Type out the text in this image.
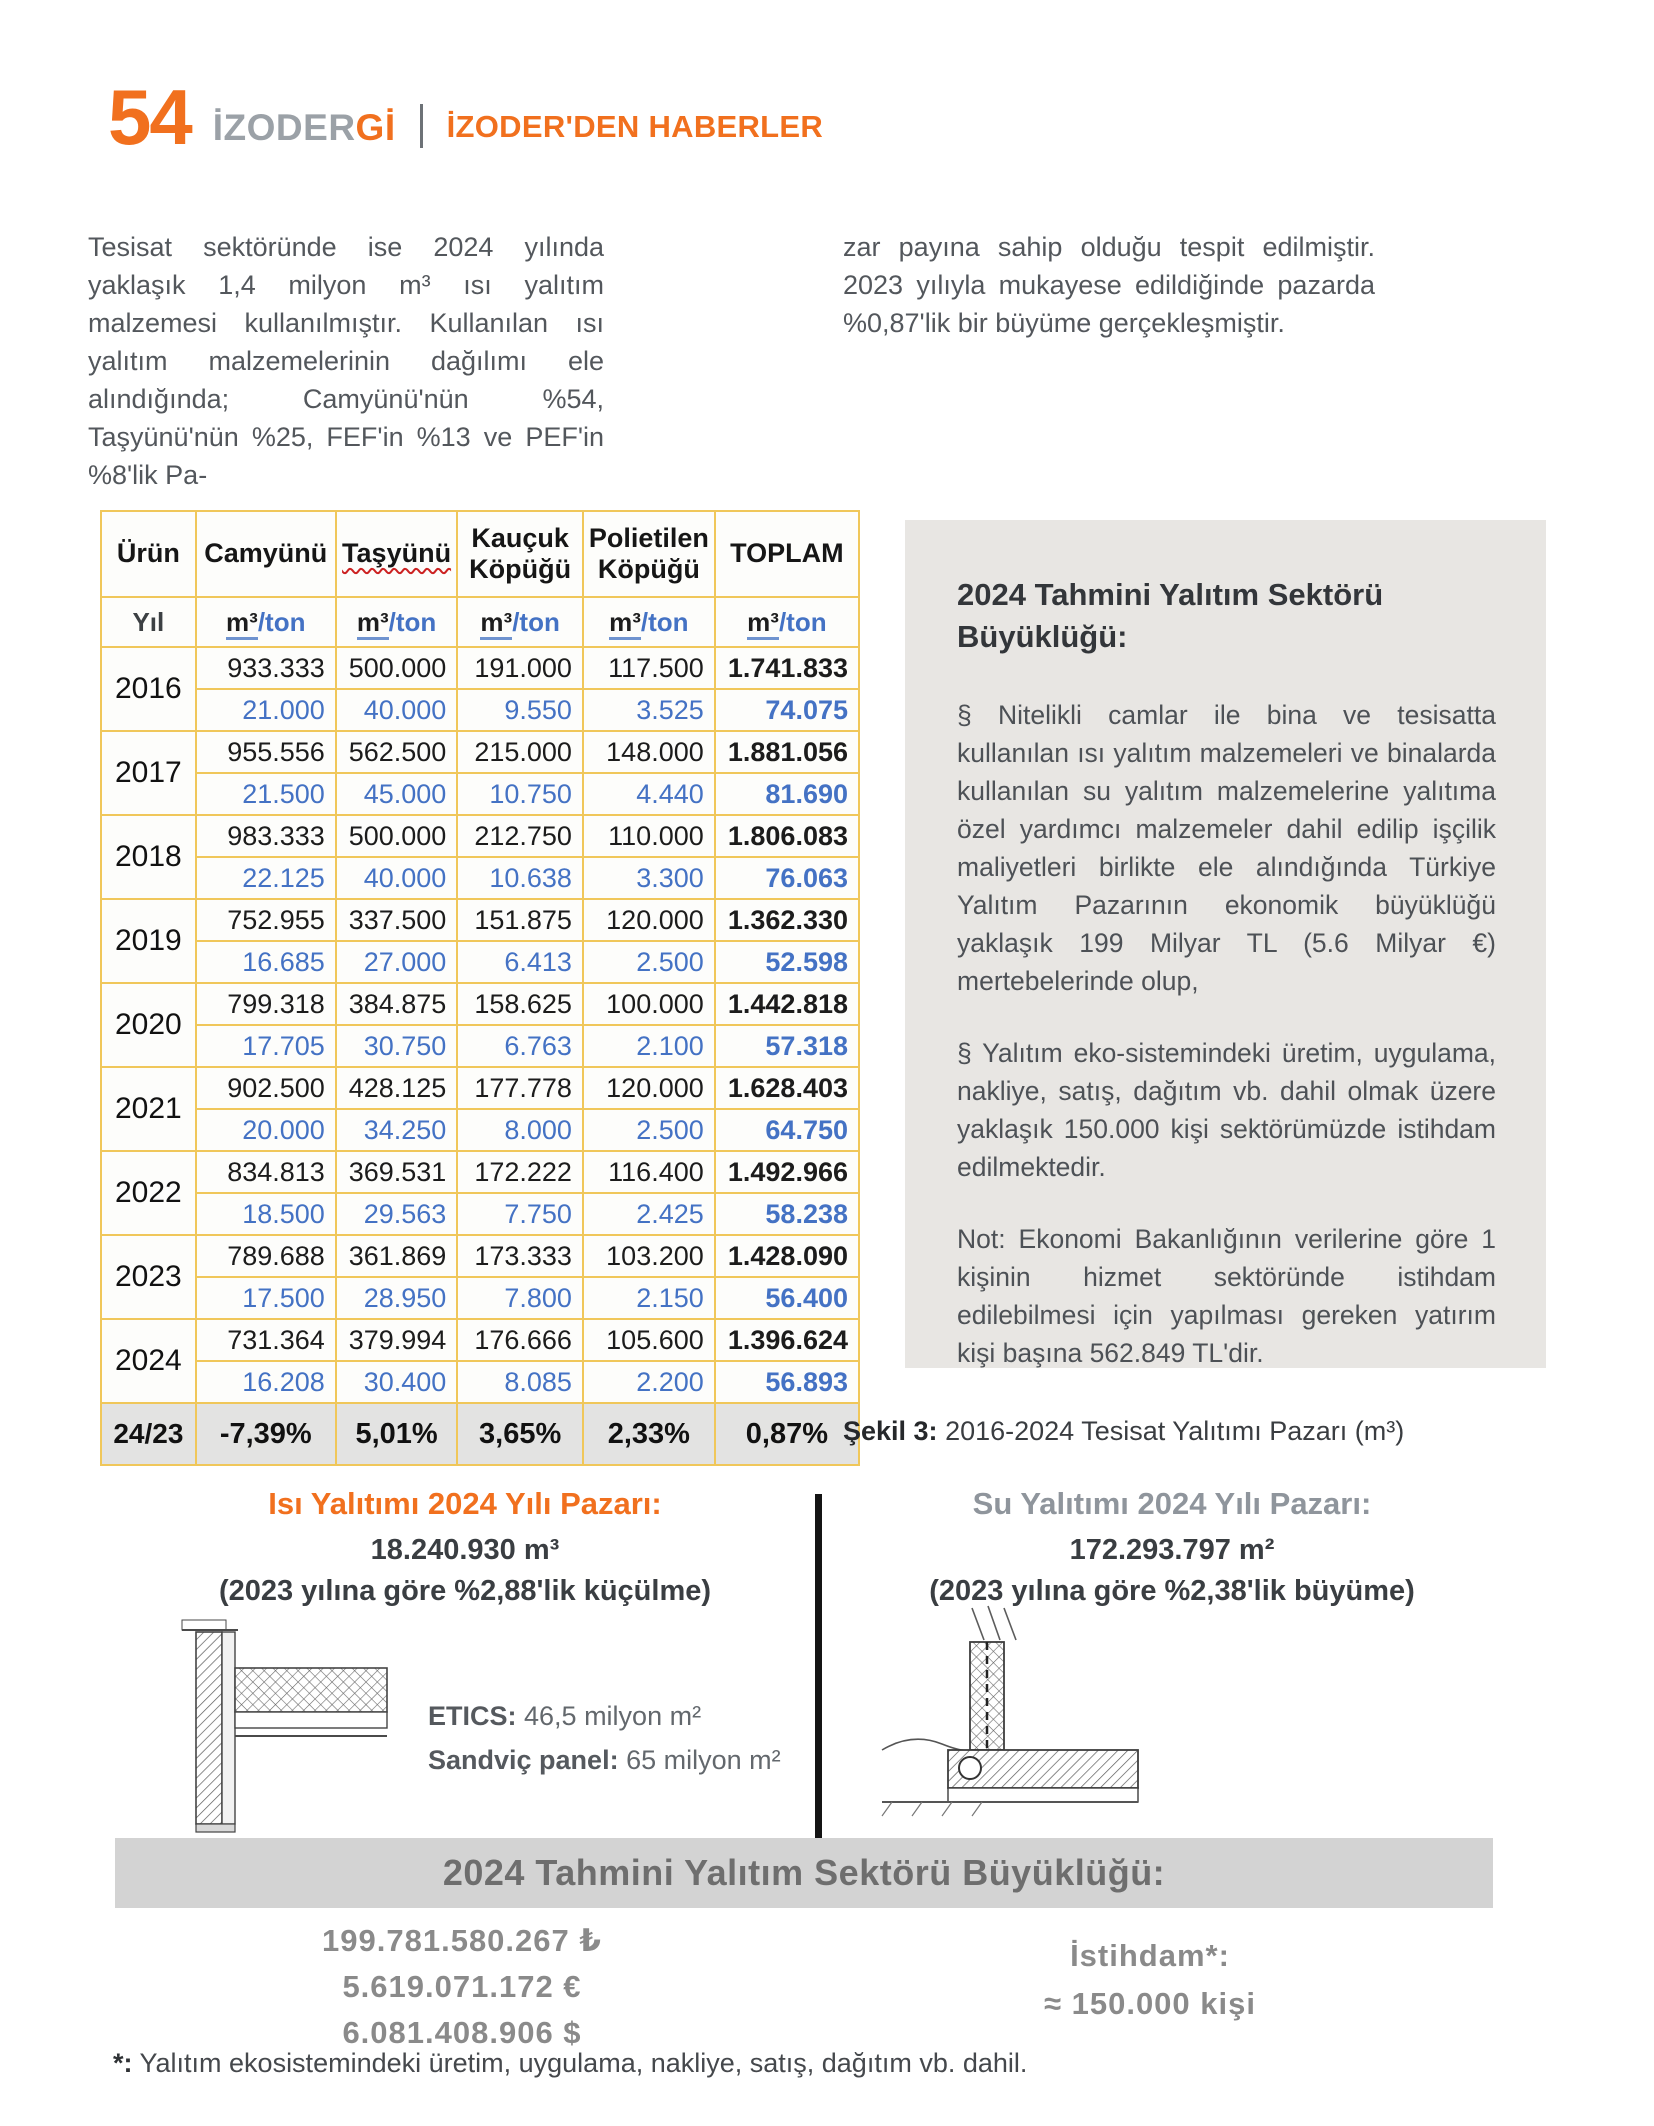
54 İZODERGİ İZODER'DEN HABERLER
Tesisat sektöründe ise 2024 yılında yaklaşık 1,4 milyon m³ ısı yalıtım malzemesi kullanılmıştır. Kullanılan ısı yalıtım malzemelerinin dağılımı ele alındığında; Camyünü'nün %54, Taşyünü'nün %25, FEF'in %13 ve PEF'in %8'lik Pa-
zar payına sahip olduğu tespit edilmiştir. 2023 yılıyla mukayese edildiğinde pazarda %0,87'lik bir büyüme gerçekleşmiştir.
Ürün	Camyünü	Taşyünü	Kauçuk Köpüğü	Polietilen Köpüğü	TOPLAM
Yıl	m³/ton	m³/ton	m³/ton	m³/ton	m³/ton
2016	933.333	500.000	191.000	117.500	1.741.833
	21.000	40.000	9.550	3.525	74.075
2017	955.556	562.500	215.000	148.000	1.881.056
	21.500	45.000	10.750	4.440	81.690
2018	983.333	500.000	212.750	110.000	1.806.083
	22.125	40.000	10.638	3.300	76.063
2019	752.955	337.500	151.875	120.000	1.362.330
	16.685	27.000	6.413	2.500	52.598
2020	799.318	384.875	158.625	100.000	1.442.818
	17.705	30.750	6.763	2.100	57.318
2021	902.500	428.125	177.778	120.000	1.628.403
	20.000	34.250	8.000	2.500	64.750
2022	834.813	369.531	172.222	116.400	1.492.966
	18.500	29.563	7.750	2.425	58.238
2023	789.688	361.869	173.333	103.200	1.428.090
	17.500	28.950	7.800	2.150	56.400
2024	731.364	379.994	176.666	105.600	1.396.624
	16.208	30.400	8.085	2.200	56.893
24/23	-7,39%	5,01%	3,65%	2,33%	0,87%
2024 Tahmini Yalıtım Sektörü Büyüklüğü:

§ Nitelikli camlar ile bina ve tesisatta kullanılan ısı yalıtım malzemeleri ve binalarda kullanılan su yalıtım malzemelerine yalıtıma özel yardımcı malzemeler dahil edilip işçilik maliyetleri birlikte ele alındığında Türkiye Yalıtım Pazarının ekonomik büyüklüğü yaklaşık 199 Milyar TL (5.6 Milyar €) mertebelerinde olup,

§ Yalıtım eko-sistemindeki üretim, uygulama, nakliye, satış, dağıtım vb. dahil olmak üzere yaklaşık 150.000 kişi sektörümüzde istihdam edilmektedir.

Not: Ekonomi Bakanlığının verilerine göre 1 kişinin hizmet sektöründe istihdam edilebilmesi için yapılması gereken yatırım kişi başına 562.849 TL'dir.

Şekil 3: 2016-2024 Tesisat Yalıtımı Pazarı (m³)
Isı Yalıtımı 2024 Yılı Pazarı:
18.240.930 m³
(2023 yılına göre %2,88'lik küçülme)
Su Yalıtımı 2024 Yılı Pazarı:
172.293.797 m²
(2023 yılına göre %2,38'lik büyüme)
ETICS: 46,5 milyon m²
Sandviç panel: 65 milyon m²
2024 Tahmini Yalıtım Sektörü Büyüklüğü:
199.781.580.267 ₺
5.619.071.172 €
6.081.408.906 $
İstihdam*:
≈ 150.000 kişi
*: Yalıtım ekosistemindeki üretim, uygulama, nakliye, satış, dağıtım vb. dahil.
